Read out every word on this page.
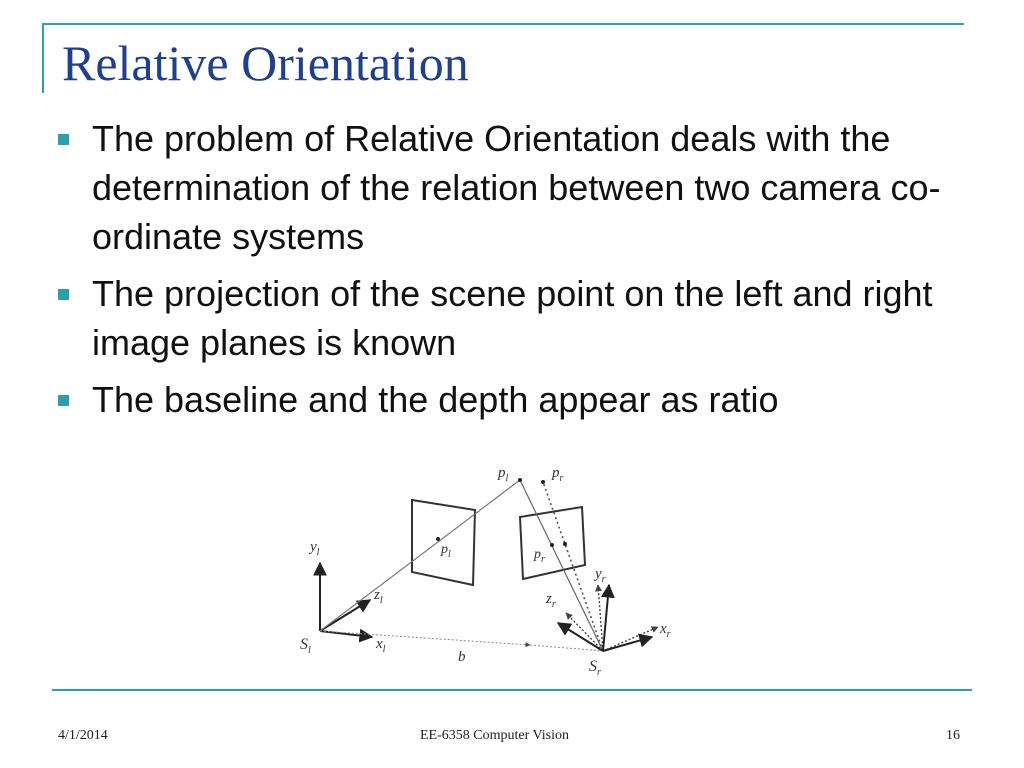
Relative Orientation
The problem of Relative Orientation deals with the determination of the relation between two camera co-ordinate systems
The projection of the scene point on the left and right image planes is known
The baseline and the depth appear as ratio
$p_l$	$p_r$
$p_l$	$p_r$
$y_l$
$z_l$
$x_l$
$S_l$	b
$y_r$
$z_r$
$x_r$
$S_r$
4/1/2014	EE-6358 Computer Vision	16
